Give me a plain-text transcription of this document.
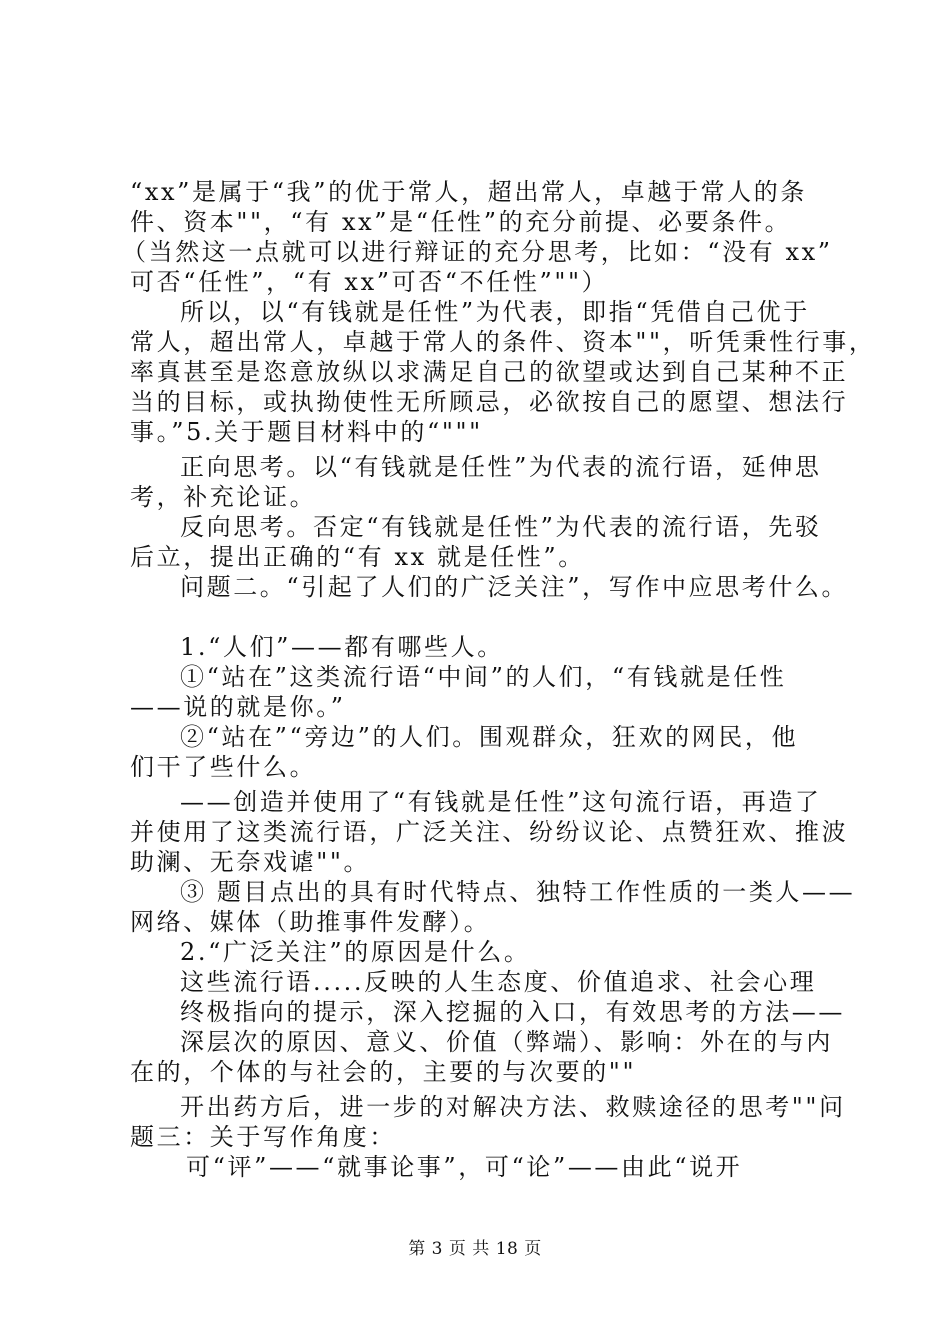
“xx”是属于“我”的优于常人，超出常人，卓越于常人的条
件、资本""，“有 xx”是“任性”的充分前提、必要条件。
（当然这一点就可以进行辩证的充分思考，比如：“没有 xx”
可否“任性”，“有 xx”可否“不任性”""）
所以，以“有钱就是任性”为代表，即指“凭借自己优于
常人，超出常人，卓越于常人的条件、资本""，听凭秉性行事，
率真甚至是恣意放纵以求满足自己的欲望或达到自己某种不正
当的目标，或执拗使性无所顾忌，必欲按自己的愿望、想法行
事。”5.关于题目材料中的“"""
正向思考。以“有钱就是任性”为代表的流行语，延伸思
考，补充论证。
反向思考。否定“有钱就是任性”为代表的流行语，先驳
后立，提出正确的“有 xx 就是任性”。
问题二。“引起了人们的广泛关注”，写作中应思考什么。
1.“人们”——都有哪些人。
①“站在”这类流行语“中间”的人们，“有钱就是任性
——说的就是你。”
②“站在”“旁边”的人们。围观群众，狂欢的网民，他
们干了些什么。
——创造并使用了“有钱就是任性”这句流行语，再造了
并使用了这类流行语，广泛关注、纷纷议论、点赞狂欢、推波
助澜、无奈戏谑""。
③ 题目点出的具有时代特点、独特工作性质的一类人——
网络、媒体（助推事件发酵）。
2.“广泛关注”的原因是什么。
这些流行语.....反映的人生态度、价值追求、社会心理
终极指向的提示，深入挖掘的入口，有效思考的方法——
深层次的原因、意义、价值（弊端）、影响：外在的与内
在的，个体的与社会的，主要的与次要的""
开出药方后，进一步的对解决方法、救赎途径的思考""问
题三：关于写作角度：
可“评”——“就事论事”，可“论”——由此“说开
第 3 页 共 18 页
